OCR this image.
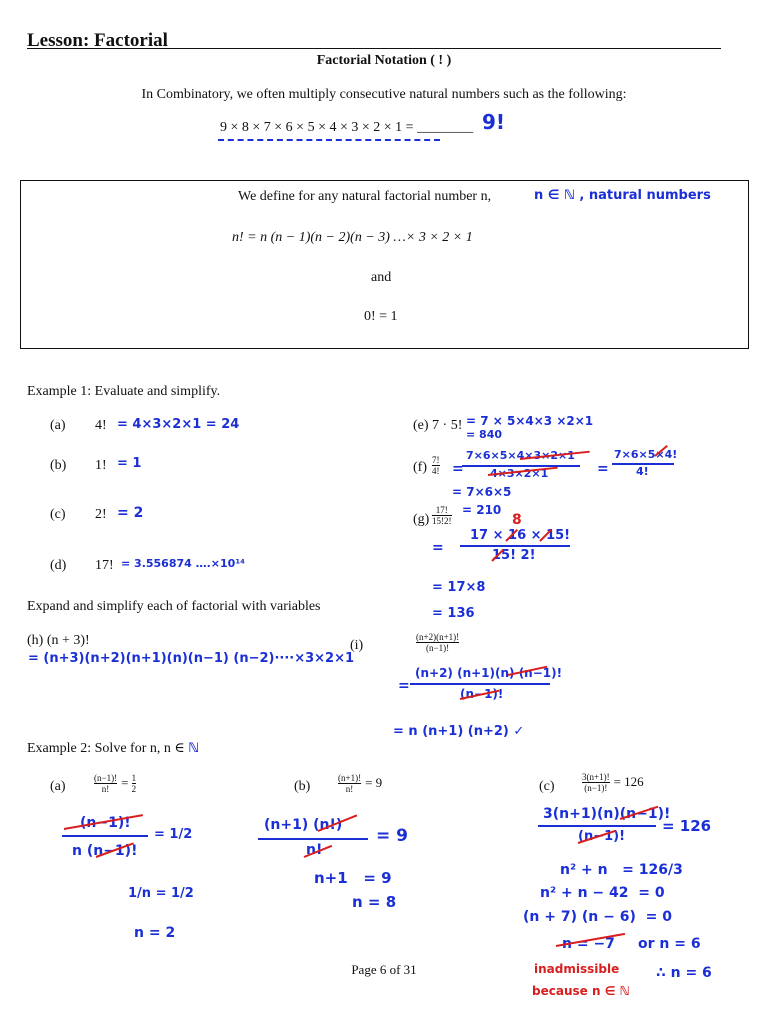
Lesson: Factorial
Factorial Notation ( ! )
In Combinatory, we often multiply consecutive natural numbers such as the following:
9 × 8 × 7 × 6 × 5 × 4 × 3 × 2 × 1 = ________ 9!
We define for any natural factorial number n,	n ∈ ℕ , natural numbers
n! = n (n − 1)(n − 2)(n − 3) …× 3 × 2 × 1
and
0! = 1
Example 1: Evaluate and simplify.
(a) 4! = 4×3×2×1 = 24
(b) 1! = 1
(c) 2! = 2
(d) 17! = 3.556874 ….×10¹⁴
(e) 7 · 5! = 7 × 5×4×3 ×2×1
= 840
$(f) \frac{7!}{4!}$ =
7×6×5×4×3×2×1
4×3×2×1	=
7×6×5×4!
4!
= 7×6×5
$(g) \frac{17!}{15!2!} = 210$
8
=
17 × 16 × 15!
15! 2!
= 17×8
= 136
Expand and simplify each of factorial with variables
(h) (n + 3)!
= (n+3)(n+2)(n+1)(n)(n−1) (n−2)····×3×2×1
(i)	$\frac{(n+2)(n+1)!}{(n-1)!}$
=
(n+2) (n+1)(n) (n−1)!
(n−1)!
= n (n+1) (n+2) ✓
Example 2: Solve for n, n ∈ ℕ
(a)	$\frac{(n-1)!}{n!} = \frac{1}{2}$
(n−1)!
n (n−1)!
= 1/2
1/n = 1/2
n = 2
(b)	$\frac{(n+1)!}{n!} = 9$
(n+1) (n!)
n!
= 9
n+1   = 9
n = 8
(c)	$\frac{3(n+1)!}{(n-1)!} = 126$
3(n+1)(n)(n−1)!
(n−1)!
= 126
n² + n   = 126/3
n² + n − 42  = 0
(n + 7) (n − 6)  = 0
n = −7 or n = 6
inadmissible
because n ∈ ℕ
∴ n = 6
Page 6 of 31
